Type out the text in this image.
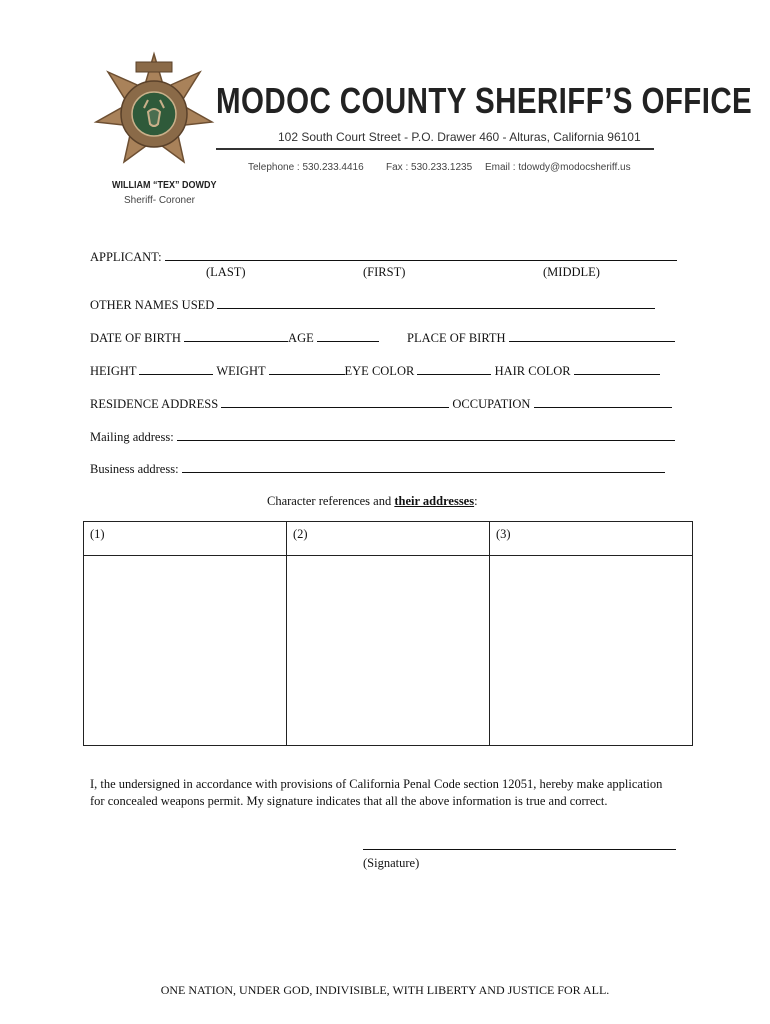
MODOC COUNTY SHERIFF’S OFFICE
102 South Court Street - P.O. Drawer 460 - Alturas, California 96101
Telephone : 530.233.4416 Fax : 530.233.1235 Email : tdowdy@modocsheriff.us
WILLIAM “TEX” DOWDY
Sheriff- Coroner
APPLICANT:
(LAST)	(FIRST)	(MIDDLE)
OTHER NAMES USED
DATE OF BIRTH	AGE	PLACE OF BIRTH
HEIGHT	WEIGHT	EYE COLOR	HAIR COLOR
RESIDENCE ADDRESS	OCCUPATION
Mailing address:
Business address:
Character references and their addresses:
(1)	(2)	(3)

I, the undersigned in accordance with provisions of California Penal Code section 12051, hereby make application for concealed weapons permit. My signature indicates that all the above information is true and correct.
(Signature)
ONE NATION, UNDER GOD, INDIVISIBLE, WITH LIBERTY AND JUSTICE FOR ALL.
